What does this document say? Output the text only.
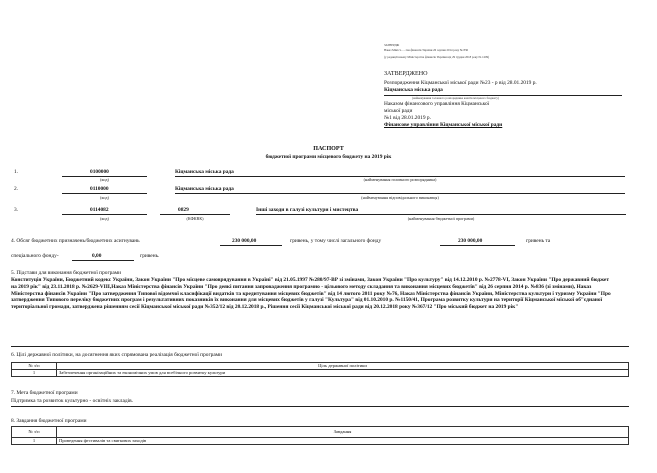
ЗАТВЕРДЖ
Наказ Мініст... ...тва фінансів України 26 серпня 2014 року № 836
(у редакції наказу Міністерства фінансів України від 29 грудня 2018 року № 1209)
ЗАТВЕРДЖЕНО
Розпорядження Кіцманської міської ради №23 - р від 28.01.2019 р.
Кіцманська міська рада
(найменування головного розпорядника коштів місцевого бюджету)
Наказом фінансового управління Кіцманської
міської ради
№1 від 28.01.2019 р.
Фінансове управління Кіцманської міської ради
ПАСПОРТ
бюджетної програми місцевого бюджету на 2019 рік
1.	0100000	Кіцманська міська рада
(код)	(найменування головного розпорядника)
2.	0110000	Кіцманська міська рада
(код)	(найменування відповідального виконавця)
3.	0114082	0829	Інші заходи в галузі культури і мистецтва
(код)	(КФКВК)	(найменування бюджетної програми)
4. Обсяг бюджетних призначень/бюджетних асигнувань	230 000,00	гривень, у тому числі загального фонду	230 000,00	гривень та
спеціального фонду-	0,00	гривень.
5. Підстави для виконання бюджетної програми
Конституція України, Бюджетний кодекс України, Закон України "Про місцеве самоврядування в Україні" від 21.05.1997 №280/97-ВР зі змінами, Закон України "Про культуру" від 14.12.2010 р. №2778-VI, Закон України "Про державний бюджет на 2019 рік" від 23.11.2018 р. №2629-VIII,Наказ Міністерства фінансів України "Про деякі питання запровадження програмно - цільового методу складання та виконання місцевих бюджетів" від 26 серпня 2014 р. №836 (зі змінами), Наказ Міністерства фінансів України "Про затвердження Типової відомчої класифікації видатків та кредитування місцевих бюджетів" від 14 лютого 2011 року №76, Наказ Міністерства фінансів України, Міністерства культури і туризму України "Про затвердження Типового переліку бюджетних програм і результативних показників їх виконання для місцевих бюджетів у галузі "Культура" від 01.10.2010 р. №1150/41, Програма розвитку культури на території Кіцманської міської об"єднаної територіальної громади, затверджена рішенням сесії Кіцманської міської ради №352/12 від 20.12.2018 р., Рішення сесії Кіцманської міської ради від 20.12.2018 року №367/12 "Про міський бюджет на 2019 рік"
6. Цілі державної політики, на досягнення яких спрямована реалізація бюджетної програми
№ з/п	Ціль державної політики
1	Забезпечення організаційних та економічних умов для всебічного розвитку культури
7. Мета бюджетної програми
Підтримка та розвиток культурно - освітніх закладів.
8. Завдання бюджетної програми
№ з/п	Завдання
1	Проведення фестивалів та святкових заходів
